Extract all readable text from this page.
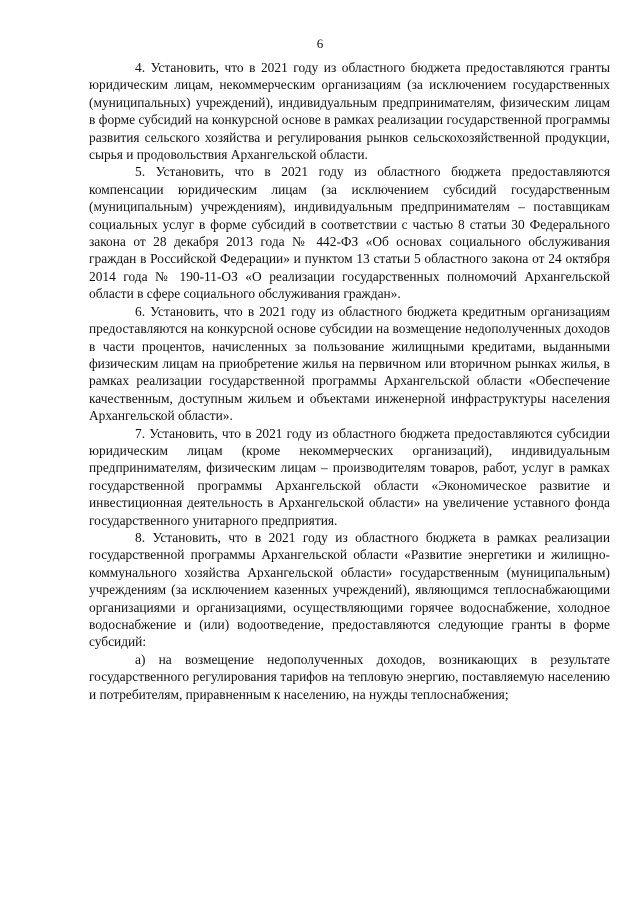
6

4. Установить, что в 2021 году из областного бюджета предоставляются гранты юридическим лицам, некоммерческим организациям (за исключением государственных (муниципальных) учреждений), индивидуальным предпринимателям, физическим лицам в форме субсидий на конкурсной основе в рамках реализации государственной программы развития сельского хозяйства и регулирования рынков сельскохозяйственной продукции, сырья и продовольствия Архангельской области.

5. Установить, что в 2021 году из областного бюджета предоставляются компенсации юридическим лицам (за исключением субсидий государственным (муниципальным) учреждениям), индивидуальным предпринимателям – поставщикам социальных услуг в форме субсидий в соответствии с частью 8 статьи 30 Федерального закона от 28 декабря 2013 года № 442-ФЗ «Об основах социального обслуживания граждан в Российской Федерации» и пунктом 13 статьи 5 областного закона от 24 октября 2014 года № 190-11-ОЗ «О реализации государственных полномочий Архангельской области в сфере социального обслуживания граждан».

6. Установить, что в 2021 году из областного бюджета кредитным организациям предоставляются на конкурсной основе субсидии на возмещение недополученных доходов в части процентов, начисленных за пользование жилищными кредитами, выданными физическим лицам на приобретение жилья на первичном или вторичном рынках жилья, в рамках реализации государственной программы Архангельской области «Обеспечение качественным, доступным жильем и объектами инженерной инфраструктуры населения Архангельской области».

7. Установить, что в 2021 году из областного бюджета предоставляются субсидии юридическим лицам (кроме некоммерческих организаций), индивидуальным предпринимателям, физическим лицам – производителям товаров, работ, услуг в рамках государственной программы Архангельской области «Экономическое развитие и инвестиционная деятельность в Архангельской области» на увеличение уставного фонда государственного унитарного предприятия.

8. Установить, что в 2021 году из областного бюджета в рамках реализации государственной программы Архангельской области «Развитие энергетики и жилищно-коммунального хозяйства Архангельской области» государственным (муниципальным) учреждениям (за исключением казенных учреждений), являющимся теплоснабжающими организациями и организациями, осуществляющими горячее водоснабжение, холодное водоснабжение и (или) водоотведение, предоставляются следующие гранты в форме субсидий:

а) на возмещение недополученных доходов, возникающих в результате государственного регулирования тарифов на тепловую энергию, поставляемую населению и потребителям, приравненным к населению, на нужды теплоснабжения;
